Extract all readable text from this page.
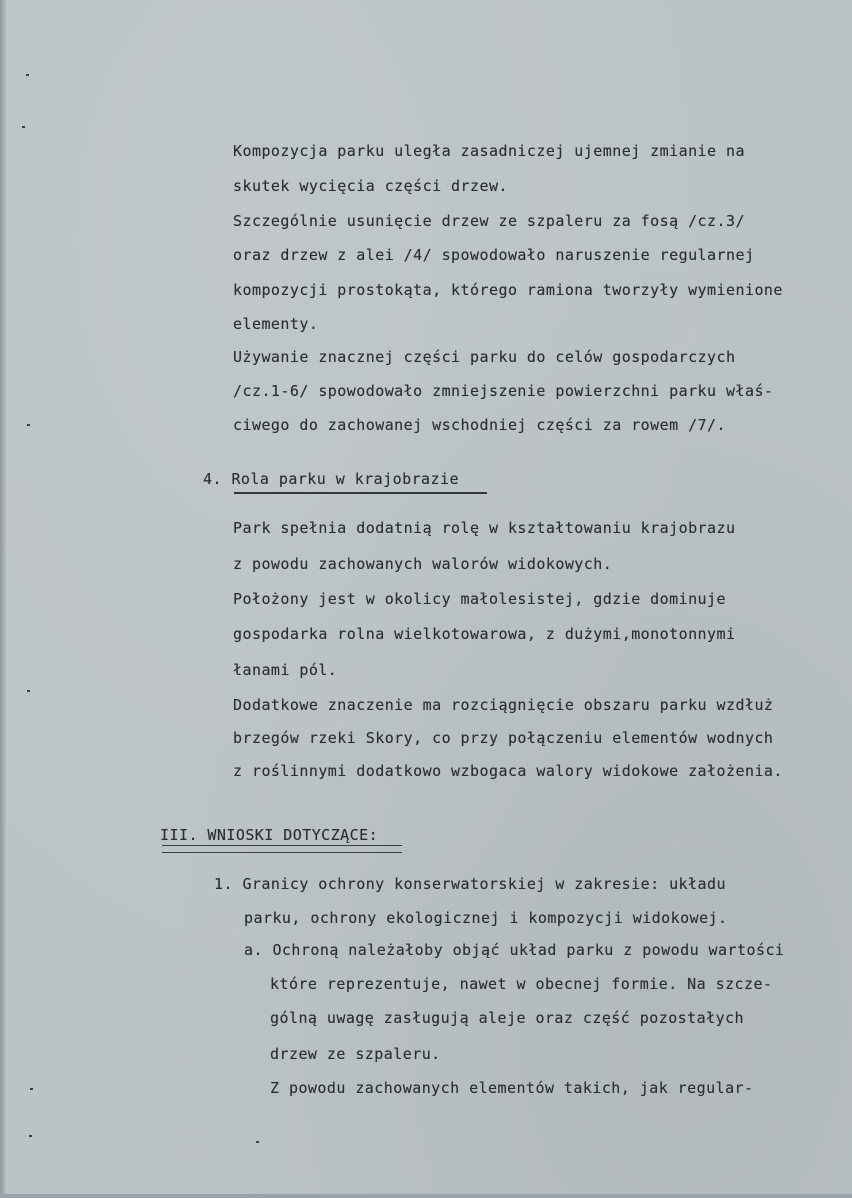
Kompozycja parku uległa zasadniczej ujemnej zmianie na
skutek wycięcia części drzew.
Szczególnie usunięcie drzew ze szpaleru za fosą /cz.3/
oraz drzew z alei /4/ spowodowało naruszenie regularnej
kompozycji prostokąta, którego ramiona tworzyły wymienione
elementy.
Używanie znacznej części parku do celów gospodarczych
/cz.1-6/ spowodowało zmniejszenie powierzchni parku właś-
ciwego do zachowanej wschodniej części za rowem /7/.
4. Rola parku w krajobrazie
Park spełnia dodatnią rolę w kształtowaniu krajobrazu
z powodu zachowanych walorów widokowych.
Położony jest w okolicy małolesistej, gdzie dominuje
gospodarka rolna wielkotowarowa, z dużymi,monotonnymi
łanami pól.
Dodatkowe znaczenie ma rozciągnięcie obszaru parku wzdłuż
brzegów rzeki Skory, co przy połączeniu elementów wodnych
z roślinnymi dodatkowo wzbogaca walory widokowe założenia.
III. WNIOSKI DOTYCZĄCE:
1. Granicy ochrony konserwatorskiej w zakresie: układu
parku, ochrony ekologicznej i kompozycji widokowej.
a. Ochroną należałoby objąć układ parku z powodu wartości
które reprezentuje, nawet w obecnej formie. Na szcze-
gólną uwagę zasługują aleje oraz część pozostałych
drzew ze szpaleru.
Z powodu zachowanych elementów takich, jak regular-
